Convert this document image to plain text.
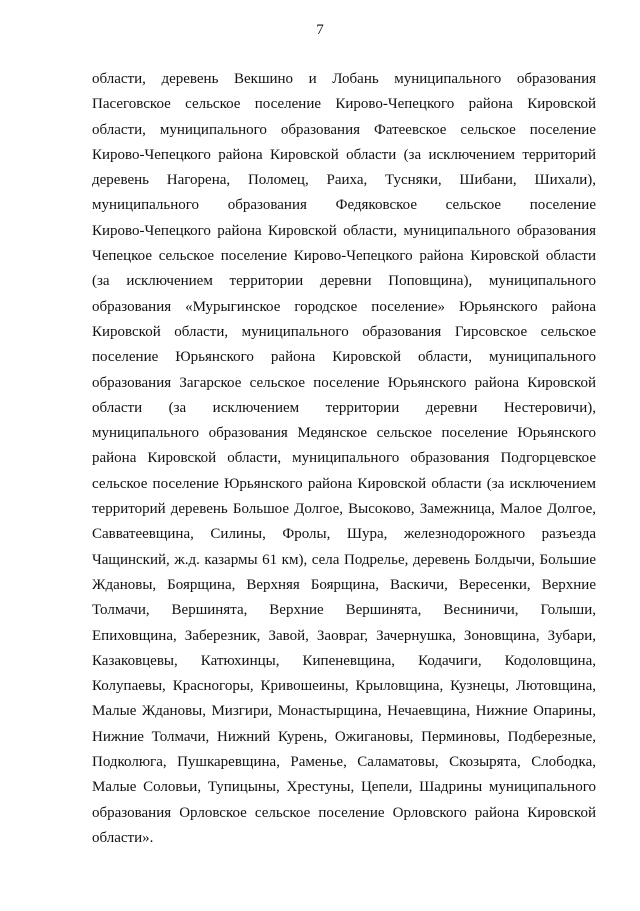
7
области, деревень Векшино и Лобань муниципального образования
Пасеговское сельское поселение Кирово-Чепецкого района Кировской
области, муниципального образования Фатеевское сельское поселение
Кирово-Чепецкого района Кировской области (за исключением территорий
деревень Нагорена, Поломец, Раиха, Тусняки, Шибани, Шихали),
муниципального образования Федяковское сельское поселение
Кирово-Чепецкого района Кировской области, муниципального образования
Чепецкое сельское поселение Кирово-Чепецкого района Кировской области
(за исключением территории деревни Поповщина), муниципального
образования «Мурыгинское городское поселение» Юрьянского района
Кировской области, муниципального образования Гирсовское сельское
поселение Юрьянского района Кировской области, муниципального
образования Загарское сельское поселение Юрьянского района Кировской
области (за исключением территории деревни Нестеровичи),
муниципального образования Медянское сельское поселение Юрьянского
района Кировской области, муниципального образования Подгорцевское
сельское поселение Юрьянского района Кировской области (за исключением
территорий деревень Большое Долгое, Высоково, Замежница, Малое Долгое,
Савватеевщина, Силины, Фролы, Шура, железнодорожного разъезда
Чащинский, ж.д. казармы 61 км), села Подрелье, деревень Болдычи, Большие
Ждановы, Боярщина, Верхняя Боярщина, Васкичи, Вересенки, Верхние
Толмачи, Вершинята, Верхние Вершинята, Весниничи, Голыши,
Епиховщина, Заберезник, Завой, Заовраг, Зачернушка, Зоновщина, Зубари,
Казаковцевы, Катюхинцы, Кипеневщина, Кодачиги, Кодоловщина,
Колупаевы, Красногоры, Кривошеины, Крыловщина, Кузнецы, Лютовщина,
Малые Ждановы, Мизгири, Монастырщина, Нечаевщина, Нижние Опарины,
Нижние Толмачи, Нижний Курень, Ожигановы, Перминовы, Подберезные,
Подколюга, Пушкаревщина, Раменье, Саламатовы, Скозырята, Слободка,
Малые Соловьи, Тупицыны, Хрестуны, Цепели, Шадрины муниципального
образования Орловское сельское поселение Орловского района Кировской
области».
